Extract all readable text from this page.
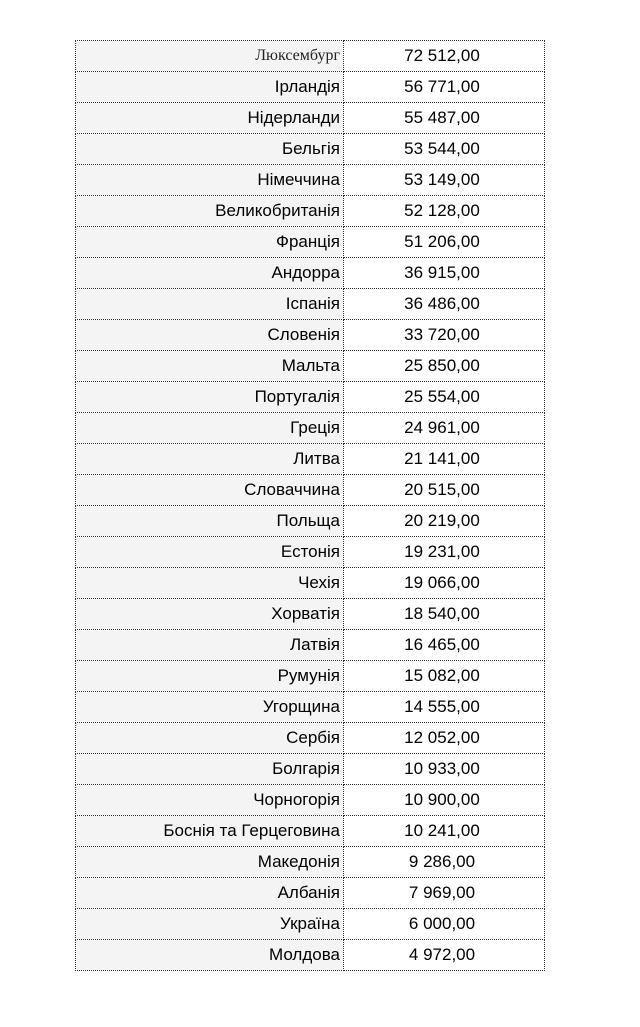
Люксембург	72 512,00
Ірландія	56 771,00
Нідерланди	55 487,00
Бельгія	53 544,00
Німеччина	53 149,00
Великобританія	52 128,00
Франція	51 206,00
Андорра	36 915,00
Іспанія	36 486,00
Словенія	33 720,00
Мальта	25 850,00
Португалія	25 554,00
Греція	24 961,00
Литва	21 141,00
Словаччина	20 515,00
Польща	20 219,00
Естонія	19 231,00
Чехія	19 066,00
Хорватія	18 540,00
Латвія	16 465,00
Румунія	15 082,00
Угорщина	14 555,00
Сербія	12 052,00
Болгарія	10 933,00
Чорногорія	10 900,00
Боснія та Герцеговина	10 241,00
Македонія	9 286,00
Албанія	7 969,00
Україна	6 000,00
Молдова	4 972,00
